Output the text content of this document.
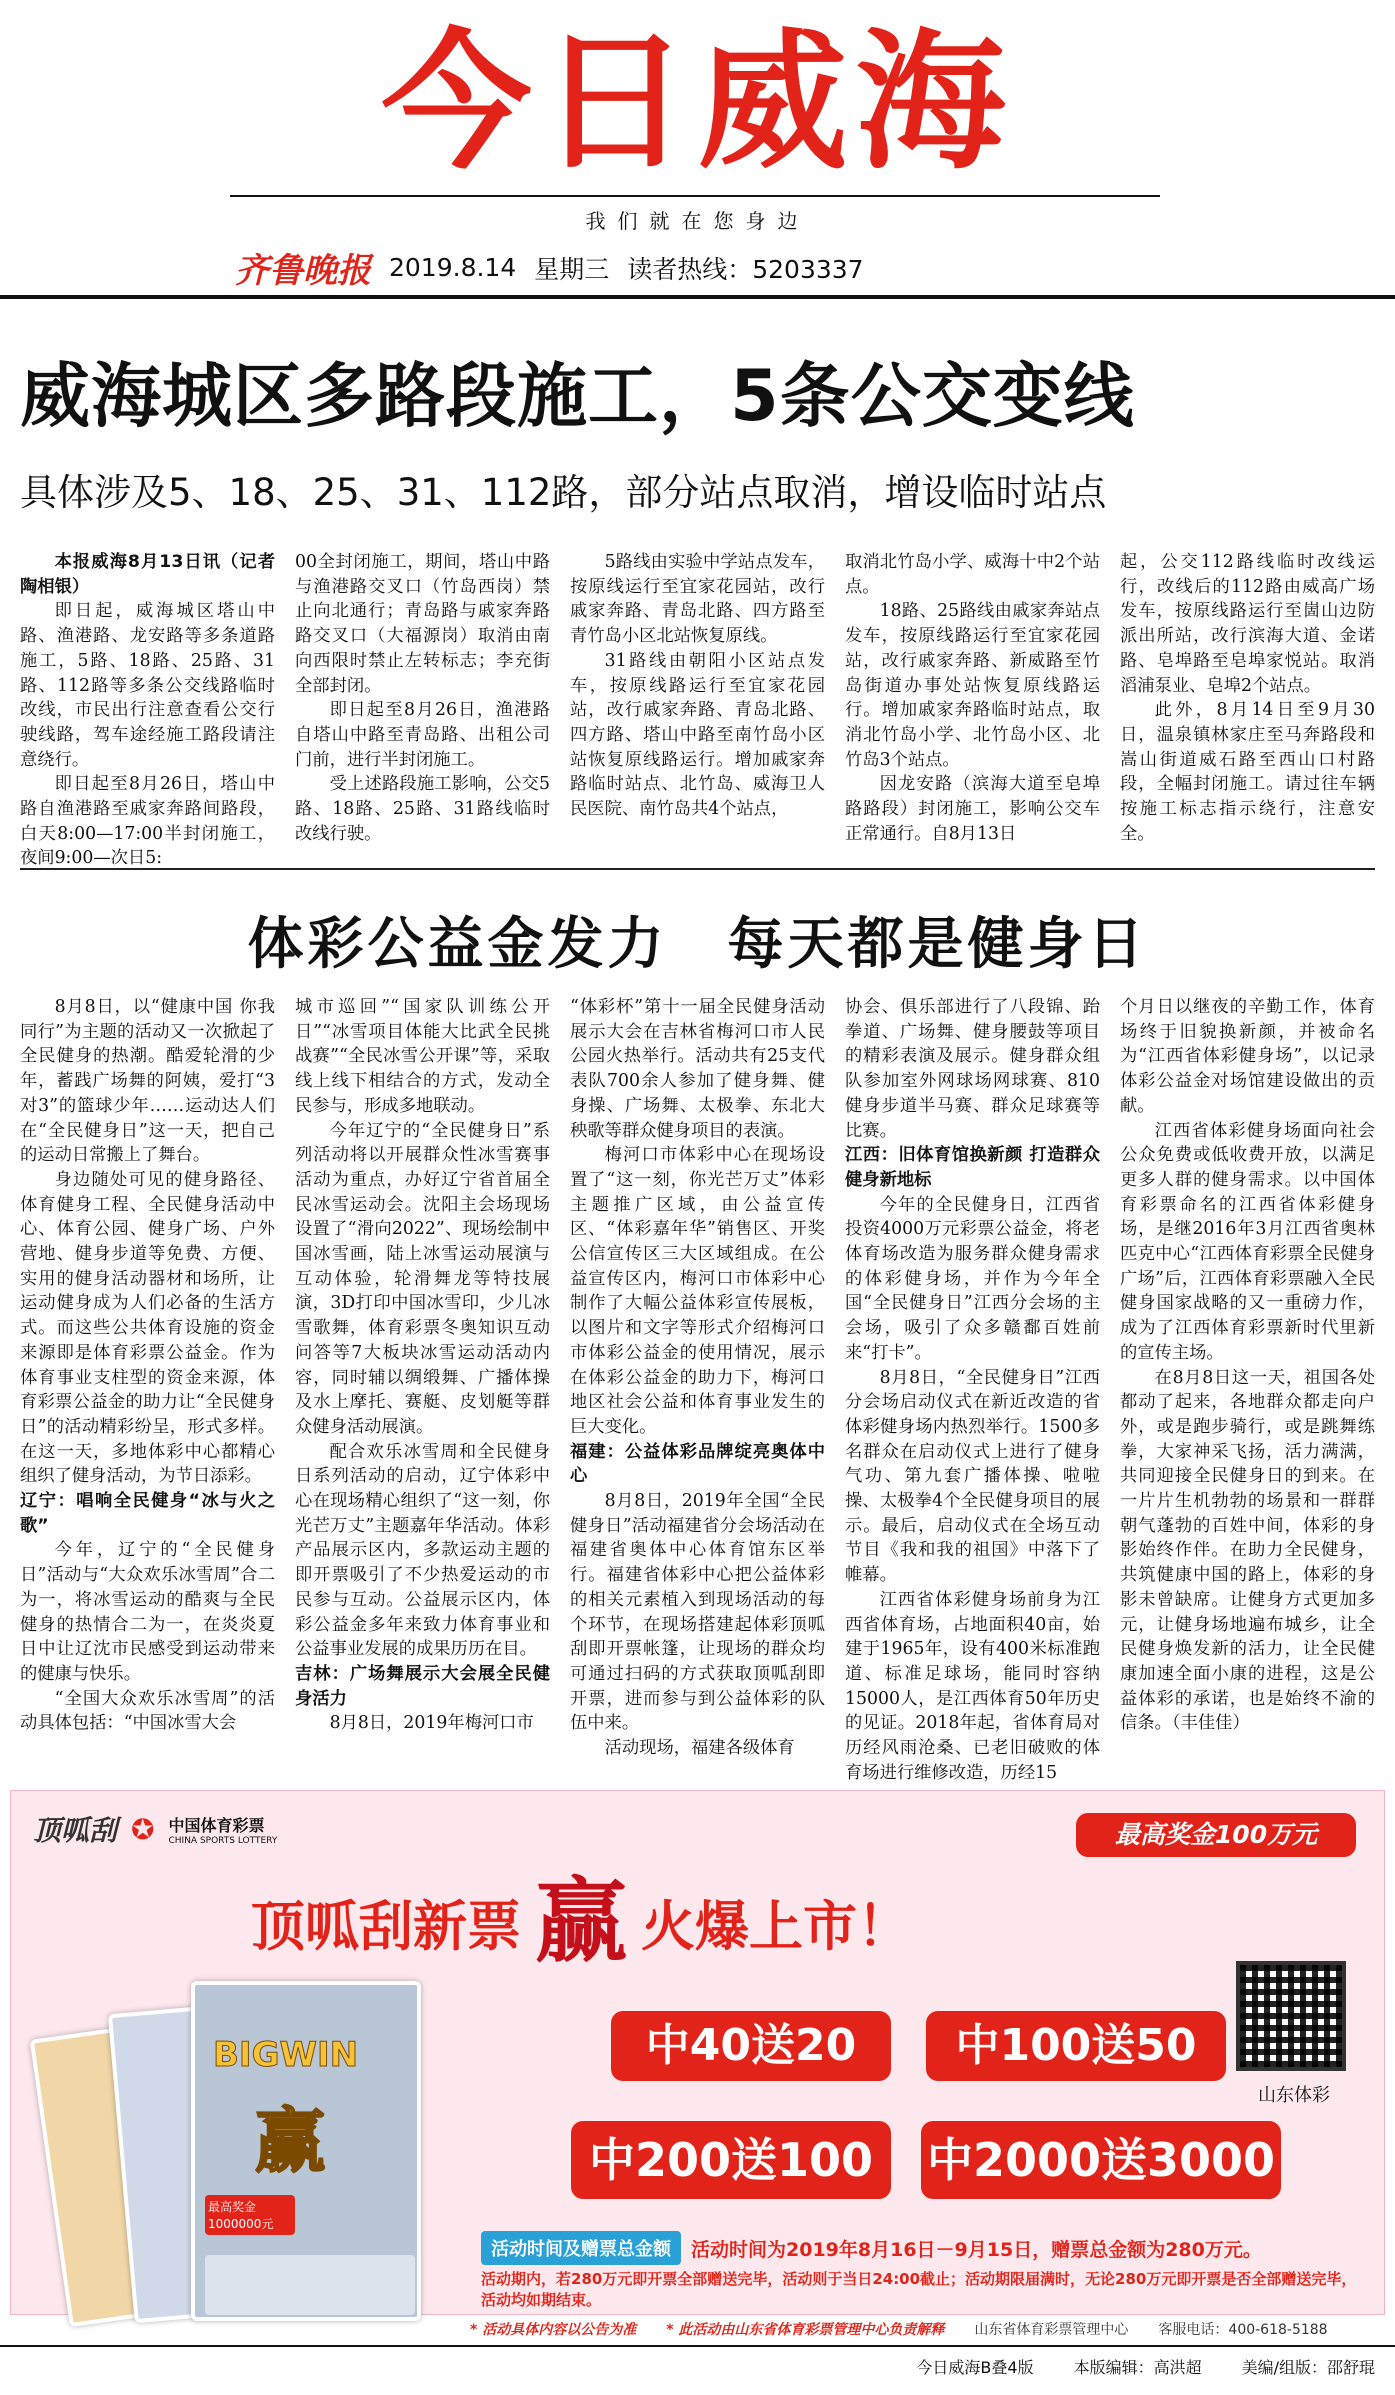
今日威海
我们就在您身边
齐鲁晚报 2019.8.14 星期三 读者热线：5203337
威海城区多路段施工，5条公交变线
具体涉及5、18、25、31、112路，部分站点取消，增设临时站点

本报威海8月13日讯（记者 陶相银）

即日起，威海城区塔山中路、渔港路、龙安路等多条道路施工，5路、18路、25路、31路、112路等多条公交线路临时改线，市民出行注意查看公交行驶线路，驾车途经施工路段请注意绕行。

即日起至8月26日，塔山中路自渔港路至戚家奔路间路段，白天8:00—17:00半封闭施工，夜间9:00—次日5:

00全封闭施工，期间，塔山中路与渔港路交叉口（竹岛西岗）禁止向北通行；青岛路与戚家奔路路交叉口（大福源岗）取消由南向西限时禁止左转标志；李充街全部封闭。

即日起至8月26日，渔港路自塔山中路至青岛路、出租公司门前，进行半封闭施工。

受上述路段施工影响，公交5路、18路、25路、31路线临时改线行驶。

5路线由实验中学站点发车，按原线运行至宜家花园站，改行戚家奔路、青岛北路、四方路至青竹岛小区北站恢复原线。

31路线由朝阳小区站点发车，按原线路运行至宜家花园站，改行戚家奔路、青岛北路、四方路、塔山中路至南竹岛小区站恢复原线路运行。增加戚家奔路临时站点、北竹岛、威海卫人民医院、南竹岛共4个站点，

取消北竹岛小学、威海十中2个站点。

18路、25路线由戚家奔站点发车，按原线路运行至宜家花园站，改行戚家奔路、新威路至竹岛街道办事处站恢复原线路运行。增加戚家奔路临时站点，取消北竹岛小学、北竹岛小区、北竹岛3个站点。

因龙安路（滨海大道至皂埠路路段）封闭施工，影响公交车正常通行。自8月13日

起，公交112路线临时改线运行，改线后的112路由威高广场发车，按原线路运行至崮山边防派出所站，改行滨海大道、金诺路、皂埠路至皂埠家悦站。取消滔浦泵业、皂埠2个站点。

此外，8月14日至9月30日，温泉镇林家庄至马奔路段和嵩山街道威石路至西山口村路段，全幅封闭施工。请过往车辆按施工标志指示绕行，注意安全。

体彩公益金发力　每天都是健身日

8月8日，以“健康中国 你我同行”为主题的活动又一次掀起了全民健身的热潮。酷爱轮滑的少年，蓄践广场舞的阿姨，爱打“3对3”的篮球少年……运动达人们在“全民健身日”这一天，把自己的运动日常搬上了舞台。

身边随处可见的健身路径、体育健身工程、全民健身活动中心、体育公园、健身广场、户外营地、健身步道等免费、方便、实用的健身活动器材和场所，让运动健身成为人们必备的生活方式。而这些公共体育设施的资金来源即是体育彩票公益金。作为体育事业支柱型的资金来源，体育彩票公益金的助力让“全民健身日”的活动精彩纷呈，形式多样。在这一天，多地体彩中心都精心组织了健身活动，为节日添彩。

辽宁：唱响全民健身“冰与火之歌”

今年，辽宁的“全民健身日”活动与“大众欢乐冰雪周”合二为一，将冰雪运动的酷爽与全民健身的热情合二为一，在炎炎夏日中让辽沈市民感受到运动带来的健康与快乐。

“全国大众欢乐冰雪周”的活动具体包括：“中国冰雪大会

城市巡回”“国家队训练公开日”“冰雪项目体能大比武全民挑战赛”“全民冰雪公开课”等，采取线上线下相结合的方式，发动全民参与，形成多地联动。

今年辽宁的“全民健身日”系列活动将以开展群众性冰雪赛事活动为重点，办好辽宁省首届全民冰雪运动会。沈阳主会场现场设置了“滑向2022”、现场绘制中国冰雪画，陆上冰雪运动展演与互动体验，轮滑舞龙等特技展演，3D打印中国冰雪印，少儿冰雪歌舞，体育彩票冬奥知识互动问答等7大板块冰雪运动活动内容，同时辅以绸缎舞、广播体操及水上摩托、赛艇、皮划艇等群众健身活动展演。

配合欢乐冰雪周和全民健身日系列活动的启动，辽宁体彩中心在现场精心组织了“这一刻，你光芒万丈”主题嘉年华活动。体彩产品展示区内，多款运动主题的即开票吸引了不少热爱运动的市民参与互动。公益展示区内，体彩公益金多年来致力体育事业和公益事业发展的成果历历在目。

吉林：广场舞展示大会展全民健身活力

8月8日，2019年梅河口市

“体彩杯”第十一届全民健身活动展示大会在吉林省梅河口市人民公园火热举行。活动共有25支代表队700余人参加了健身舞、健身操、广场舞、太极拳、东北大秧歌等群众健身项目的表演。

梅河口市体彩中心在现场设置了“这一刻，你光芒万丈”体彩主题推广区域，由公益宣传区、“体彩嘉年华”销售区、开奖公信宣传区三大区域组成。在公益宣传区内，梅河口市体彩中心制作了大幅公益体彩宣传展板，以图片和文字等形式介绍梅河口市体彩公益金的使用情况，展示在体彩公益金的助力下，梅河口地区社会公益和体育事业发生的巨大变化。

福建：公益体彩品牌绽亮奥体中心

8月8日，2019年全国“全民健身日”活动福建省分会场活动在福建省奥体中心体育馆东区举行。福建省体彩中心把公益体彩的相关元素植入到现场活动的每个环节，在现场搭建起体彩顶呱刮即开票帐篷，让现场的群众均可通过扫码的方式获取顶呱刮即开票，进而参与到公益体彩的队伍中来。

活动现场，福建各级体育

协会、俱乐部进行了八段锦、跆拳道、广场舞、健身腰鼓等项目的精彩表演及展示。健身群众组队参加室外网球场网球赛、810健身步道半马赛、群众足球赛等比赛。

江西：旧体育馆换新颜 打造群众健身新地标

今年的全民健身日，江西省投资4000万元彩票公益金，将老体育场改造为服务群众健身需求的体彩健身场，并作为今年全国“全民健身日”江西分会场的主会场，吸引了众多赣鄱百姓前来“打卡”。

8月8日，“全民健身日”江西分会场启动仪式在新近改造的省体彩健身场内热烈举行。1500多名群众在启动仪式上进行了健身气功、第九套广播体操、啦啦操、太极拳4个全民健身项目的展示。最后，启动仪式在全场互动节目《我和我的祖国》中落下了帷幕。

江西省体彩健身场前身为江西省体育场，占地面积40亩，始建于1965年，设有400米标准跑道、标准足球场，能同时容纳15000人，是江西体育50年历史的见证。2018年起，省体育局对历经风雨沧桑、已老旧破败的体育场进行维修改造，历经15

个月日以继夜的辛勤工作，体育场终于旧貌换新颜，并被命名为“江西省体彩健身场”，以记录体彩公益金对场馆建设做出的贡献。

江西省体彩健身场面向社会公众免费或低收费开放，以满足更多人群的健身需求。以中国体育彩票命名的江西省体彩健身场，是继2016年3月江西省奥林匹克中心“江西体育彩票全民健身广场”后，江西体育彩票融入全民健身国家战略的又一重磅力作，成为了江西体育彩票新时代里新的宣传主场。

在8月8日这一天，祖国各处都动了起来，各地群众都走向户外，或是跑步骑行，或是跳舞练拳，大家神采飞扬，活力满满，共同迎接全民健身日的到来。在一片片生机勃勃的场景和一群群朝气蓬勃的百姓中间，体彩的身影始终作伴。在助力全民健身，共筑健康中国的路上，体彩的身影未曾缺席。让健身方式更加多元，让健身场地遍布城乡，让全民健身焕发新的活力，让全民健康加速全面小康的进程，这是公益体彩的承诺，也是始终不渝的信条。（丰佳佳）

顶呱刮 ✪ 中国体育彩票
CHINA SPORTS LOTTERY	最高奖金100万元
顶呱刮新票 赢 火爆上市！
BIGWIN
赢
最高奖金1000000元
中40送20	中100送50
中200送100	中2000送3000
山东体彩
活动时间及赠票总金额	活动时间为2019年8月16日－9月15日，赠票总金额为280万元。
活动期内，若280万元即开票全部赠送完毕，活动则于当日24:00截止；活动期限届满时，无论280万元即开票是否全部赠送完毕，活动均如期结束。
* 活动具体内容以公告为准 * 此活动由山东省体育彩票管理中心负责解释 山东省体育彩票管理中心 客服电话：400-618-5188
今日威海B叠4版	本版编辑：高洪超	美编/组版：邵舒琨
